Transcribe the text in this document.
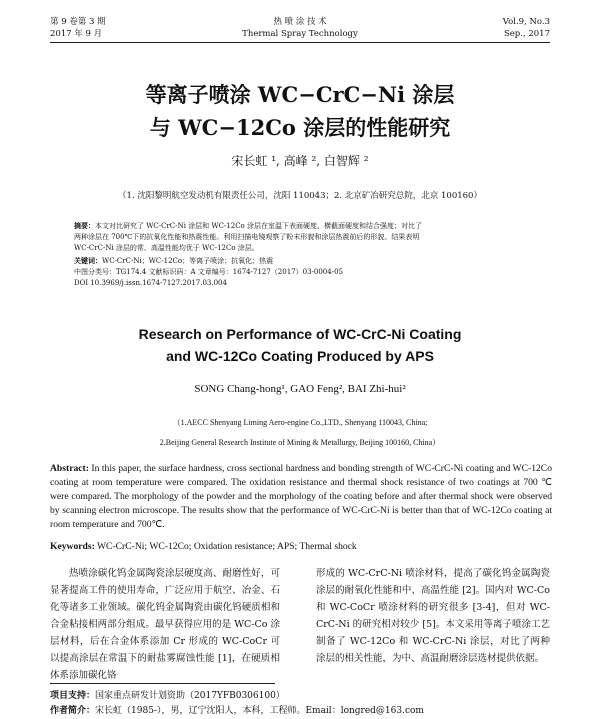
第 9 卷第 3 期
2017 年 9 月
热 喷 涂 技 术
Thermal Spray Technology
Vol.9, No.3
Sep., 2017
等离子喷涂 WC−CrC−Ni 涂层
与 WC−12Co 涂层的性能研究
宋长虹 ¹, 高峰 ², 白智辉 ²
（1. 沈阳黎明航空发动机有限责任公司，沈阳 110043；2. 北京矿冶研究总院，北京 100160）
摘要：本文对比研究了 WC-CrC-Ni 涂层和 WC-12Co 涂层在室温下表面硬度、横截面硬度和结合强度；对比了
两种涂层在 700℃下的抗氧化性能和热震性能。利用扫描电镜观察了粉末形貌和涂层热震前后的形貌。结果表明
WC-CrC-Ni 涂层的常、高温性能均优于 WC-12Co 涂层。
关键词：WC-CrC-Ni；WC-12Co；等离子喷涂；抗氧化；热震
中图分类号：TG174.4 文献标识码：A 文章编号：1674-7127（2017）03-0004-05
DOI 10.3969/j.issn.1674-7127.2017.03.004
Research on Performance of WC-CrC-Ni Coating
and WC-12Co Coating Produced by APS
SONG Chang-hong¹, GAO Feng², BAI Zhi-hui²
（1.AECC Shenyang Liming Aero-engine Co.,LTD., Shenyang 110043, China;
2.Beijing General Research Institute of Mining & Metallurgy, Beijing 100160, China）
Abstract: In this paper, the surface hardness, cross sectional hardness and bonding strength of WC-CrC-Ni coating and WC-12Co coating at room temperature were compared. The oxidation resistance and thermal shock resistance of two coatings at 700 ℃ were compared. The morphology of the powder and the morphology of the coating before and after thermal shock were observed by scanning electron microscope. The results show that the performance of WC-CrC-Ni is better than that of WC-12Co coating at room temperature and 700℃.
Keywords: WC-CrC-Ni; WC-12Co; Oxidation resistance; APS; Thermal shock

热喷涂碳化钨金属陶瓷涂层硬度高、耐磨性好，可显著提高工件的使用寿命，广泛应用于航空、冶金、石化等诸多工业领域。碳化钨金属陶瓷由碳化钨硬质相和合金粘接相两部分组成。最早获得应用的是 WC-Co 涂层材料，后在合金体系添加 Cr 形成的 WC-CoCr 可以提高涂层在常温下的耐盐雾腐蚀性能 [1]，在硬质相体系添加碳化铬

形成的 WC-CrC-Ni 喷涂材料，提高了碳化钨金属陶瓷涂层的耐氧化性能和中、高温性能 [2]。国内对 WC-Co 和 WC-CoCr 喷涂材料的研究很多 [3-4]，但对 WC-CrC-Ni 的研究相对较少 [5]。本文采用等离子喷涂工艺制备了 WC-12Co 和 WC-CrC-Ni 涂层，对比了两种涂层的相关性能，为中、高温耐磨涂层选材提供依据。

项目支持：国家重点研发计划资助（2017YFB0306100）
作者简介：宋长虹（1985-），男，辽宁沈阳人，本科，工程师。Email：longred@163.com
